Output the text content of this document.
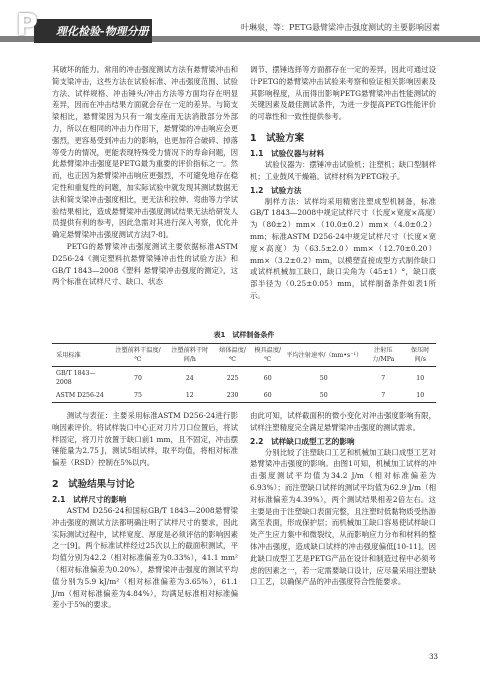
P 理化检验-物理分册	叶琳泉，等：PETG悬臂梁冲击强度测试的主要影响因素

其破坏的能力。常用的冲击强度测试方法有悬臂梁冲击和简支梁冲击，这些方法在试验标准、冲击强度范围、试验方法、试样规格、冲击锤头/冲击方法等方面均存在明显差异，因而在冲击结果方面就会存在一定的差异。与简支梁相比，悬臂梁因为只有一端支座而无法消散部分外部力，所以在相同的冲击力作用下，悬臂梁的冲击响应会更强烈，更容易受到冲击力的影响，也更加符合破碎、掉落等受力的情况，更能表现特殊受力情况下的寿命问题，因此悬臂梁冲击强度是PETG最为重要的评价指标之一。然而，也正因为悬臂梁冲击响应更强烈，不可避免地存在稳定性和重复性的问题，加实际试验中就发现其测试数据无法和简支梁冲击强度相比，更无法和拉伸、弯曲等力学试验结果相比，造成悬臂梁冲击强度测试结果无法给研发人员提供有利的参考，因此急需对其进行深入考察，优化并确定悬臂梁冲击强度测试方法[7-8]。

PETG的悬臂梁冲击强度测试主要依据标准ASTM D256-24《测定塑料抗悬臂梁锤冲击性的试验方法》和GB/T 1843—2008《塑料 悬臂梁冲击强度的测定》，这两个标准在试样尺寸、缺口、状态

调节、摆锤选择等方面都存在一定的差异，因此可通过设计PETG的悬臂梁冲击试验来考察和验证相关影响因素及其影响程度，从而得出影响PETG悬臂梁冲击性能测试的关键因素及最佳测试条件，为进一步提高PETG性能评价的可靠性和一致性提供参考。

1　试验方案
1.1　试验仪器与材料

试验仪器为：摆锤冲击试验机；注塑机；缺口型制样机；工业鼓风干燥箱。试样材料为PETG粒子。

1.2　试验方法

制样方法：试样均采用精密注塑成型机制备，标准GB/T 1843—2008中规定试样尺寸（长度×宽度×高度）为（80±2）mm×（10.0±0.2）mm×（4.0±0.2）mm；标准ASTM D256-24中规定试样尺寸（长度×宽度×高度）为（63.5±2.0）mm×（12.70±0.20）mm×（3.2±0.2）mm，以模塑直接成型方式制作缺口或试样机械加工缺口，缺口尖角为（45±1）°，缺口底部半径为（0.25±0.05）mm，试样制备条件如表1所示。

表1　试样制备条件
采用标准	注塑前料干温度/℃	注塑前料干时间/h	熔体温度/℃	模具温度/℃	平均注射速率/（mm•s⁻¹）	注射压力/MPa	保压时间/s
GB/T 1843—2008	70	24	225	60	50	7	10
ASTM D256-24	75	12	230	60	50	7	10

测试与表征：主要采用标准ASTM D256-24进行影响因素评价。将试样装口中心正对刀片刀口位置后，将试样固定，将刀片放置于缺口前1 mm，且不固定，冲击摆锤能量为2.75 J，测试5组试样，取平均值，将相对标准偏差（RSD）控制在5%以内。

2　试验结果与讨论
2.1　试样尺寸的影响

ASTM D256-24和国标GB/T 1843—2008悬臂梁冲击强度的测试方法都明确注明了试样尺寸的要求，因此实际测试过程中，试样宽度、厚度是必须评估的影响因素之一[9]。两个标准试样经过25次以上的截面积测试，平均值分别为42.2（相对标准偏差为0.33%），41.1 mm²（相对标准偏差为0.20%），悬臂梁冲击强度的测试平均值分别为5.9 kJ/m²（相对标准偏差为3.65%），61.1 J/m（相对标准偏差为4.84%），均满足标准相对标准偏差小于5%的要求。

由此可知，试样截面积的微小变化对冲击强度影响有限，试样注塑精度完全满足悬臂梁冲击强度的测试需求。

2.2　试样缺口成型工艺的影响

分别比较了注塑缺口工艺和机械加工缺口成型工艺对悬臂梁冲击强度的影响。由图1可知，机械加工试样的冲击强度测试平均值为34.2 J/m（相对标准偏差为6.93%）；而注塑缺口试样的测试平均值为62.9 J/m（相对标准偏差为4.39%），两个测试结果相差2倍左右。这主要是由于注塑缺口表面完整，且注塑时低黏物质受热游离至表面，形成保护层；而机械加工缺口容易使试样缺口处产生应力集中和微裂纹，从而影响应力分布和材料的整体冲击强度，造成缺口试样的冲击强度偏低[10-11]。因此缺口成型工艺是PETG产品在设计和制造过程中必须考虑的因素之一，若一定需要缺口设计，应尽量采用注塑缺口工艺，以确保产品的冲击强度符合性能要求。

33
